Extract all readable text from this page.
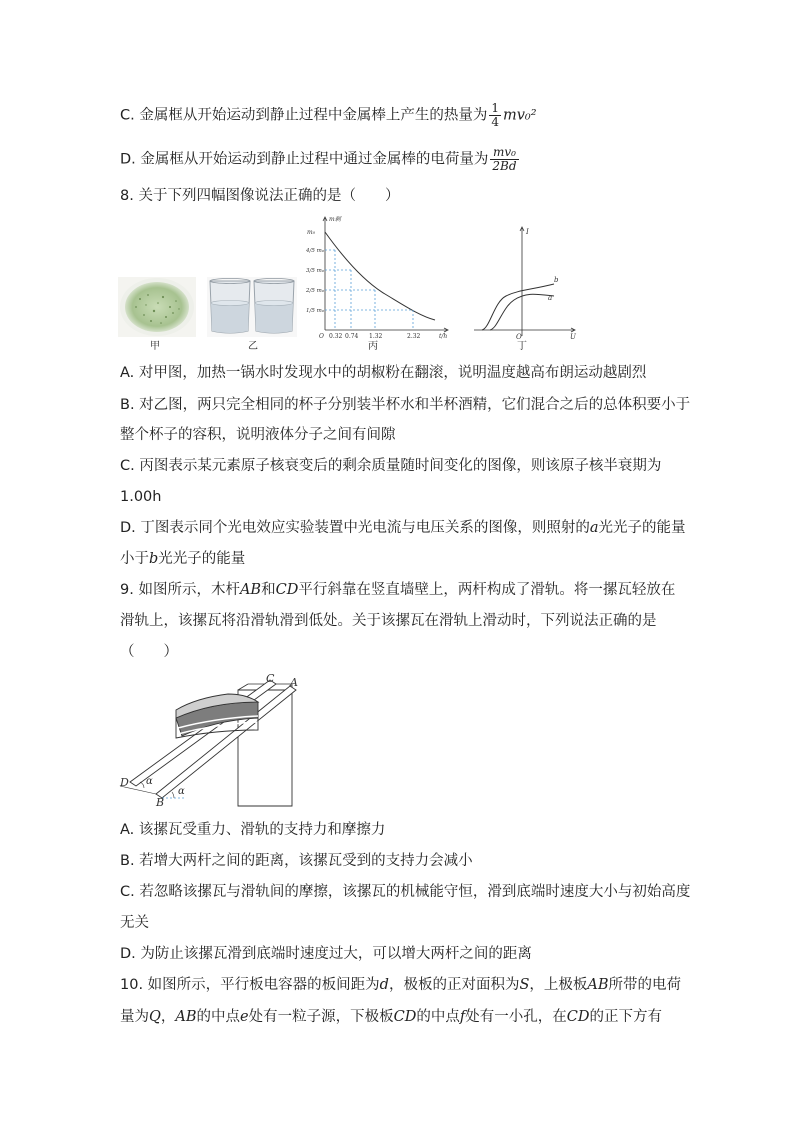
C. 金属框从开始运动到静止过程中金属棒上产生的热量为 $\frac{1}{4} mv_0^2$
D. 金属框从开始运动到静止过程中通过金属棒的电荷量为 $\frac{\text{mv₀}}{2Bd}$
8. 关于下列四幅图像说法正确的是（　　）
甲	乙
m剩
m₀
4/5 m₀
3/5 m₀
2/5 m₀
1/5 m₀
O 0.32 0.74 1.32	2.32	t/h
丙
I
U
O
b
a
丁
A. 对甲图，加热一锅水时发现水中的胡椒粉在翻滚，说明温度越高布朗运动越剧烈
B. 对乙图，两只完全相同的杯子分别装半杯水和半杯酒精，它们混合之后的总体积要小于
整个杯子的容积，说明液体分子之间有间隙
C. 丙图表示某元素原子核衰变后的剩余质量随时间变化的图像，则该原子核半衰期为
1.00h
D. 丁图表示同个光电效应实验装置中光电流与电压关系的图像，则照射的a光光子的能量
小于b光光子的能量
9. 如图所示，木杆AB和CD平行斜靠在竖直墙壁上，两杆构成了滑轨。将一摞瓦轻放在
滑轨上，该摞瓦将沿滑轨滑到低处。关于该摞瓦在滑轨上滑动时，下列说法正确的是
（　　）
C A
D
B
α
α
A. 该摞瓦受重力、滑轨的支持力和摩擦力
B. 若增大两杆之间的距离，该摞瓦受到的支持力会减小
C. 若忽略该摞瓦与滑轨间的摩擦，该摞瓦的机械能守恒，滑到底端时速度大小与初始高度
无关
D. 为防止该摞瓦滑到底端时速度过大，可以增大两杆之间的距离
10. 如图所示，平行板电容器的板间距为d，极板的正对面积为S，上极板AB所带的电荷
量为Q，AB的中点e处有一粒子源，下极板CD的中点f处有一小孔，在CD的正下方有
